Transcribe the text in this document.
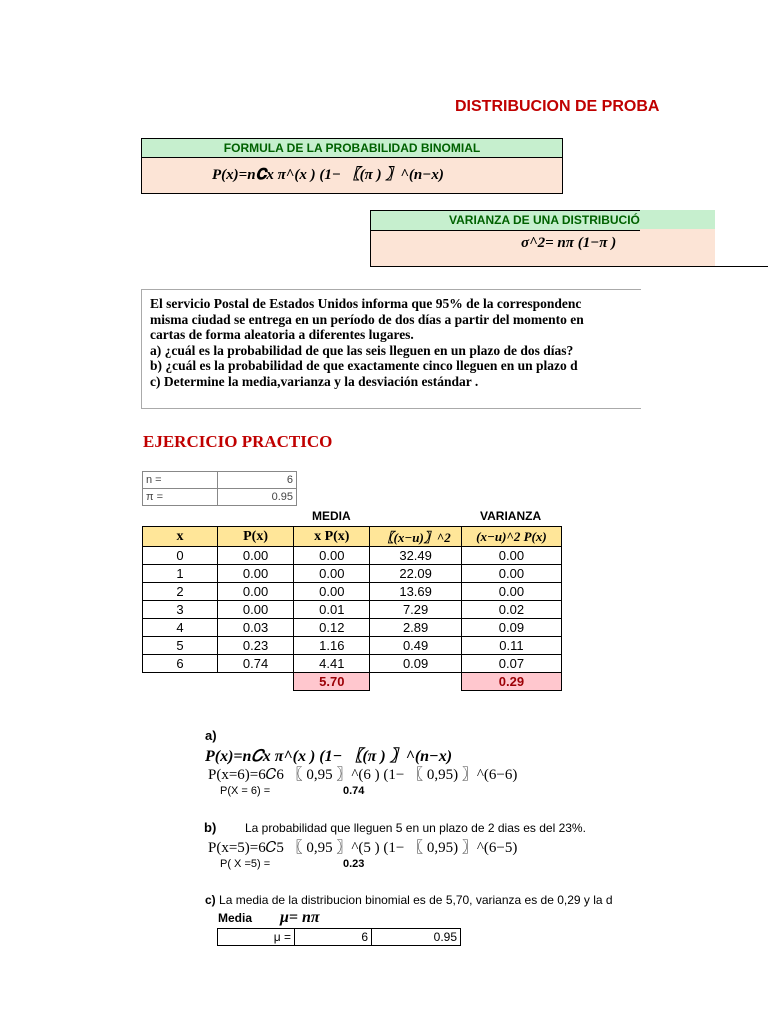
DISTRIBUCION DE PROBA
FORMULA DE LA PROBABILIDAD BINOMIAL
P(x)=n𝐂x π^(x ) (1− 〖(π ) 〗^(n−x)
VARIANZA DE UNA DISTRIBUCIÓ
σ^2= nπ (1−π )
El servicio Postal de Estados Unidos informa que 95% de la correspondenc
misma ciudad se entrega en un período de dos días a partir del momento en
cartas de forma aleatoria a diferentes lugares.
a) ¿cuál es la probabilidad de que las seis lleguen en un plazo de dos días?
b) ¿cuál es la probabilidad de que exactamente cinco lleguen en un plazo d
c) Determine la media,varianza y la desviación estándar .
EJERCICIO PRACTICO
n =	6
π =	0.95
MEDIA	VARIANZA
x	P(x)	x P(x)	〖(x−u)〗^2	(x−u)^2 P(x)
0	0.00	0.00	32.49	0.00
1	0.00	0.00	22.09	0.00
2	0.00	0.00	13.69	0.00
3	0.00	0.01	7.29	0.02
4	0.03	0.12	2.89	0.09
5	0.23	1.16	0.49	0.11
6	0.74	4.41	0.09	0.07
		5.70		0.29
a)
P(x)=n𝐶x π^(x ) (1− 〖(π ) 〗^(n−x)
P(x=6)=6𝐶6 〖 0,95 〗^(6 ) (1− 〖 0,95) 〗^(6−6)
P(X = 6) =	0.74
b) La probabilidad que lleguen 5 en un plazo de 2 dias es del 23%.
P(x=5)=6𝐶5 〖 0,95 〗^(5 ) (1− 〖 0,95) 〗^(6−5)
P( X =5) =	0.23
c) La media de la distribucion binomial es de 5,70, varianza es de 0,29 y la d
Media μ= nπ
μ =	6	0.95
